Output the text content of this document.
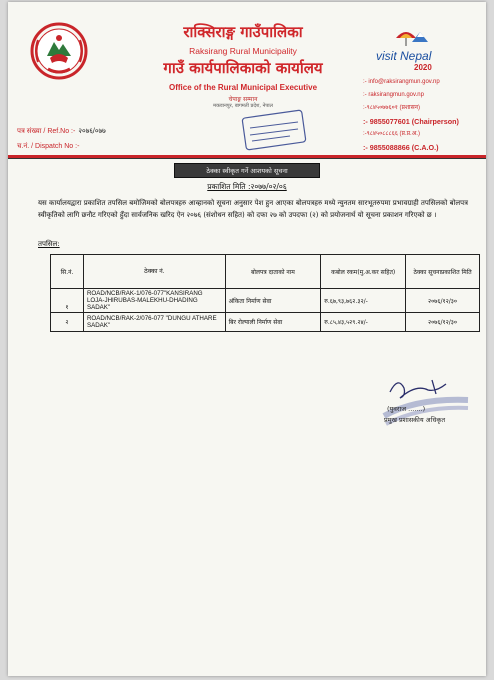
राक्सिराङ्ग गाउँपालिका
Raksirang Rural Municipality
गाउँ कार्यपालिकाको कार्यालय
Office of the Rural Municipal Executive
चेपाङ्ग सम्मान
मकवानपुर, बागमती प्रदेश, नेपाल
visit Nepal
2020
:- info@raksirangmun.gov.np
:- raksirangmun.gov.np
:-९८४५०७७६०१ (प्रशासन)
:- 9855077601 (Chairperson)
:-९८४५०८८८६६ (प्र.प्र.अ.)
:- 9855088866 (C.A.O.)
पत्र संख्या / Ref.No :- २०७६/०७७
च.नं. / Dispatch No :-
ठेक्का स्वीकृत गर्ने आशयको सूचना
प्रकाशित मिति :२०७७/०२/०६
यस कार्यालयद्वारा प्रकाशित तपसिल बमोजिमको बोलपत्रहरु आव्हानको सूचना अनुसार पेश हुन आएका बोलपत्रहरु मध्ये न्युनतम सारभूतरुपमा प्रभावग्राही तपसिलको बोलपत्र स्वीकृतिको लागि छनौट गरिएको हुँदा सार्वजनिक खरिद ऐन २०७६ (संशोधन सहित) को दफा २७ को उपदफा (२) को प्रयोजनार्थ यो सूचना प्रकाशन गरिएको छ ।
तपसिल:
सि.नं.	ठेक्का नं.	बोलपत्र दाताको नाम	कबोल रकम(मु.अ.कर सहित)	ठेक्का सूचनाप्रकाशित मिति
१	ROAD/NCB/RAK-1/076-077"KANSIRANG LOJA-JHIRUBAS-MALEKHU-DHADING SADAK"	अंकिता निर्माण सेवा	रु.६७,९३,७६२.३२/-	२०७६/१२/३०
२	ROAD/NCB/RAK-2/076-077 "DUNGU ATHARE SADAK"	बिर रोल्पाली निर्माण सेवा	रु.८५,४३,५२९.२४/-	२०७६/१२/३०
(युवराज .......)
प्रमुख प्रशासकीय अधिकृत
